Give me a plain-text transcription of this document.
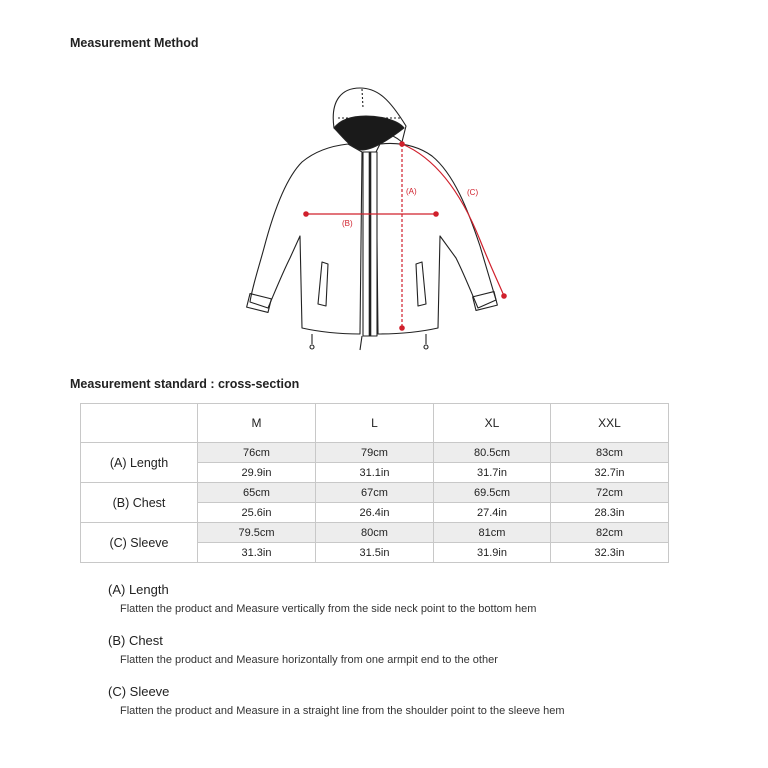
Measurement Method
(A)
(B)
(C)
Measurement standard : cross-section
	M	L	XL	XXL
(A) Length	76cm	79cm	80.5cm	83cm
	29.9in	31.1in	31.7in	32.7in
(B) Chest	65cm	67cm	69.5cm	72cm
	25.6in	26.4in	27.4in	28.3in
(C) Sleeve	79.5cm	80cm	81cm	82cm
	31.3in	31.5in	31.9in	32.3in
(A) Length
Flatten the product and Measure vertically from the side neck point to the bottom hem
(B) Chest
Flatten the product and Measure horizontally from one armpit end to the other
(C) Sleeve
Flatten the product and Measure in a straight line from the shoulder point to the sleeve hem
